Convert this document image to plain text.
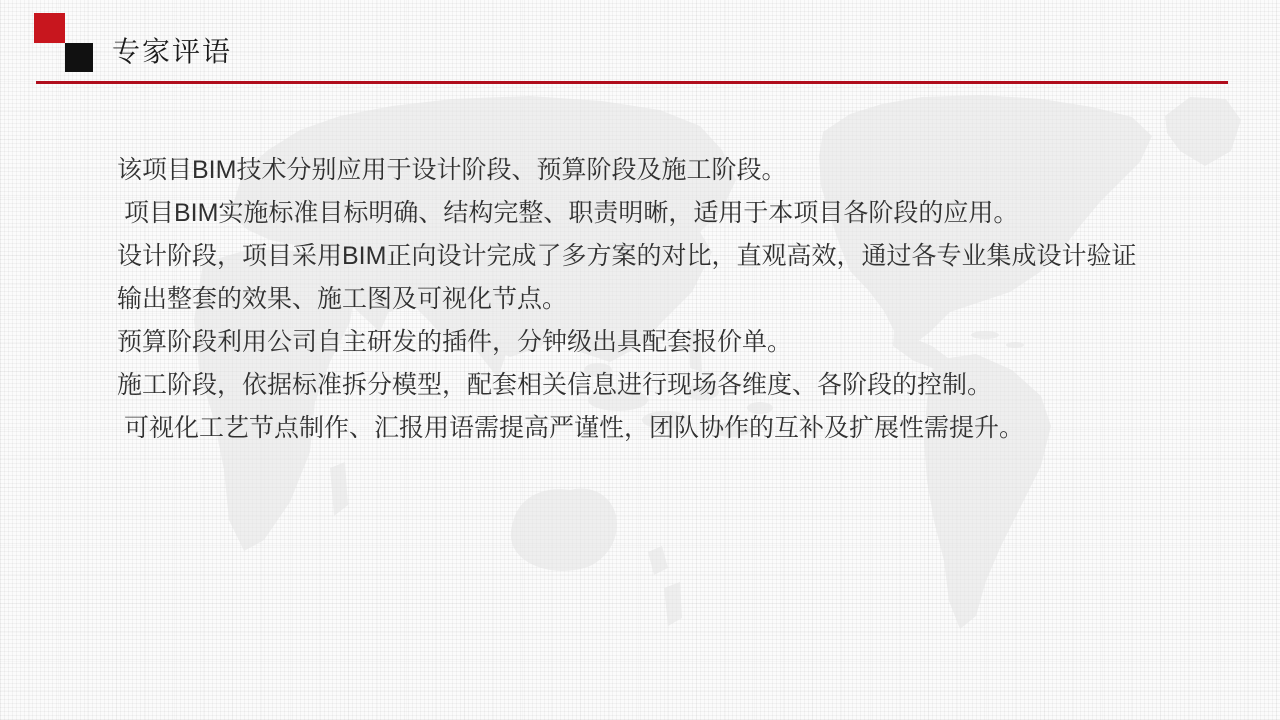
专家评语

该项目BIM技术分别应用于设计阶段、预算阶段及施工阶段。

项目BIM实施标准目标明确、结构完整、职责明晰，适用于本项目各阶段的应用。

设计阶段，项目采用BIM正向设计完成了多方案的对比，直观高效，通过各专业集成设计验证输出整套的效果、施工图及可视化节点。

预算阶段利用公司自主研发的插件，分钟级出具配套报价单。

施工阶段，依据标准拆分模型，配套相关信息进行现场各维度、各阶段的控制。

可视化工艺节点制作、汇报用语需提高严谨性，团队协作的互补及扩展性需提升。
